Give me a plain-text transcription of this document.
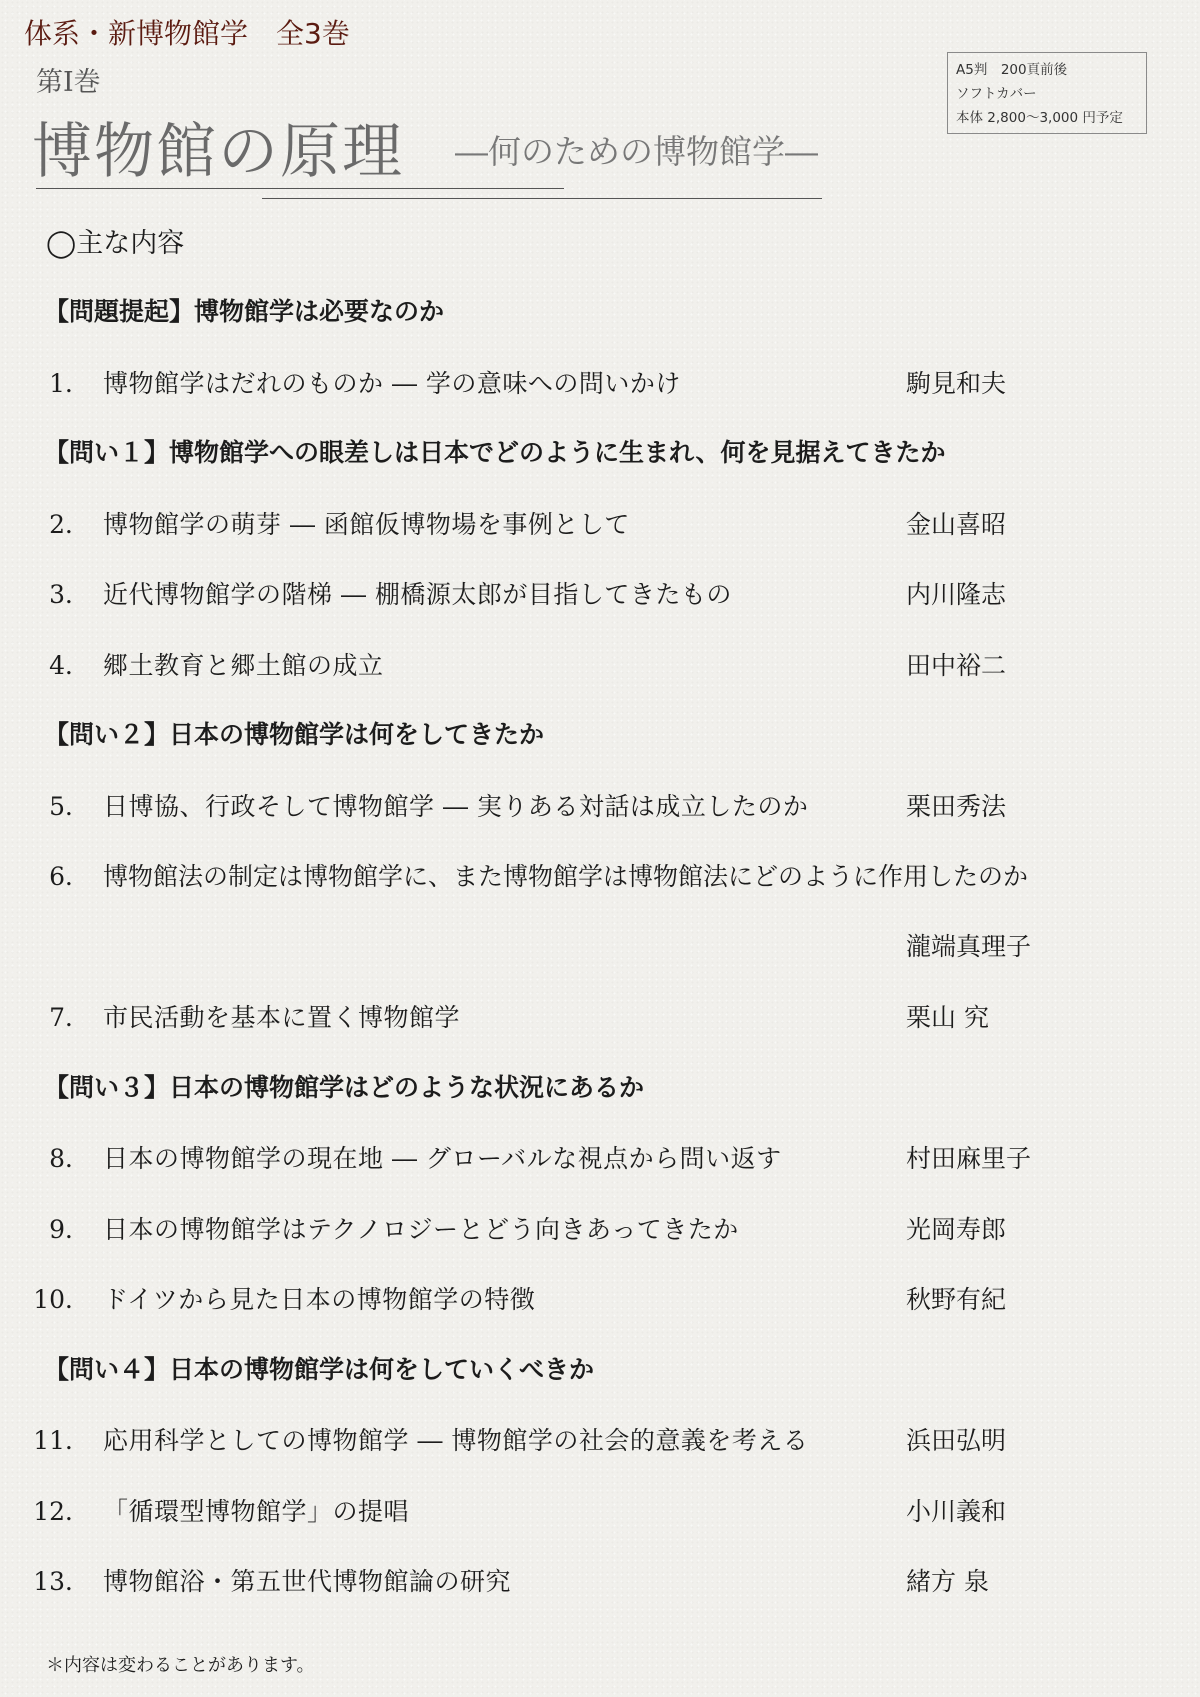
体系・新博物館学　全3巻
第Ⅰ巻
博物館の原理 ―何のための博物館学―
A5判　200頁前後
ソフトカバー
本体 2,800～3,000 円予定
◯主な内容
【問題提起】博物館学は必要なのか
1． 博物館学はだれのものか ― 学の意味への問いかけ	駒見和夫
【問い１】博物館学への眼差しは日本でどのように生まれ、何を見据えてきたか
2． 博物館学の萌芽 ― 函館仮博物場を事例として	金山喜昭
3． 近代博物館学の階梯 ― 棚橋源太郎が目指してきたもの	内川隆志
4． 郷土教育と郷土館の成立	田中裕二
【問い２】日本の博物館学は何をしてきたか
5． 日博協、行政そして博物館学 ― 実りある対話は成立したのか	栗田秀法
6． 博物館法の制定は博物館学に、また博物館学は博物館法にどのように作用したのか
瀧端真理子
7． 市民活動を基本に置く博物館学	栗山 究
【問い３】日本の博物館学はどのような状況にあるか
8． 日本の博物館学の現在地 ― グローバルな視点から問い返す	村田麻里子
9． 日本の博物館学はテクノロジーとどう向きあってきたか	光岡寿郎
10． ドイツから見た日本の博物館学の特徴	秋野有紀
【問い４】日本の博物館学は何をしていくべきか
11． 応用科学としての博物館学 ― 博物館学の社会的意義を考える	浜田弘明
12． 「循環型博物館学」の提唱	小川義和
13． 博物館浴・第五世代博物館論の研究	緒方 泉
＊内容は変わることがあります。
